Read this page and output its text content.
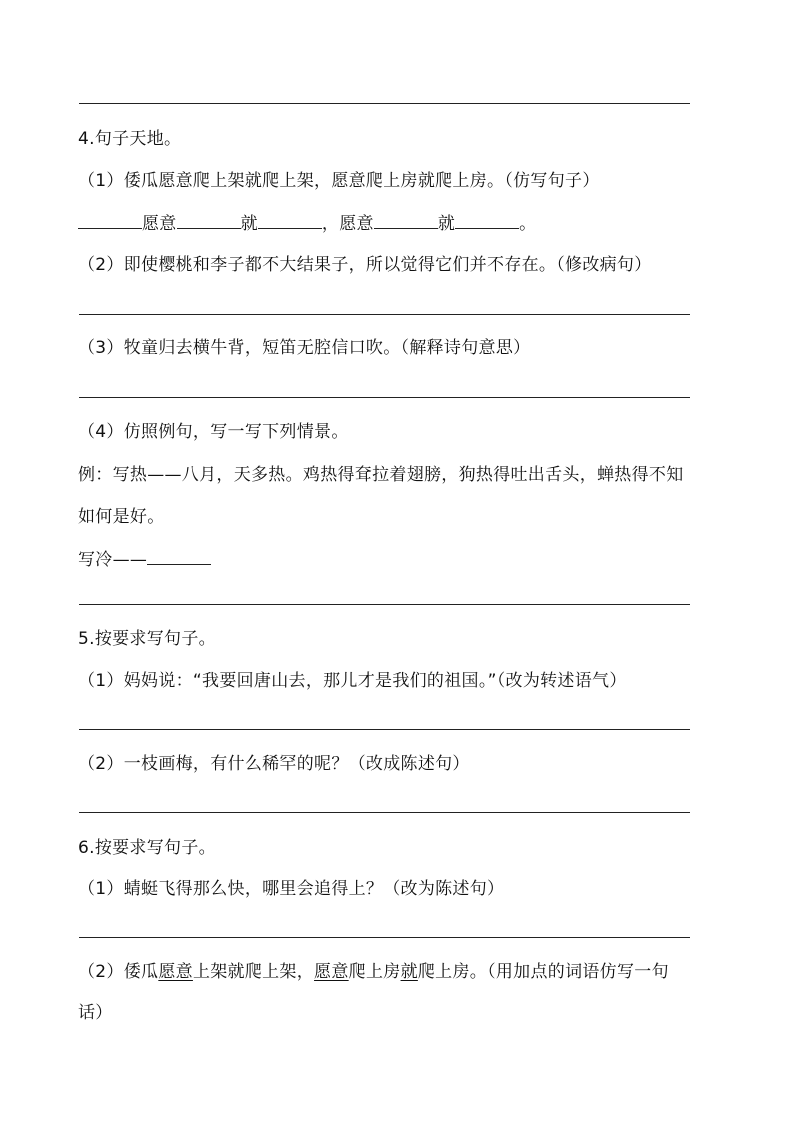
4.句子天地。
（1）倭瓜愿意爬上架就爬上架，愿意爬上房就爬上房。（仿写句子）
愿意	就	，愿意	就	。
（2）即使樱桃和李子都不大结果子，所以觉得它们并不存在。（修改病句）
（3）牧童归去横牛背，短笛无腔信口吹。（解释诗句意思）
（4）仿照例句，写一写下列情景。
例：写热——八月，天多热。鸡热得耷拉着翅膀，狗热得吐出舌头，蝉热得不知
如何是好。
写冷——
5.按要求写句子。
（1）妈妈说：“我要回唐山去，那儿才是我们的祖国。”（改为转述语气）
（2）一枝画梅，有什么稀罕的呢？（改成陈述句）
6.按要求写句子。
（1）蜻蜓飞得那么快，哪里会追得上？（改为陈述句）
（2）倭瓜愿意上架就爬上架，愿意爬上房就爬上房。（用加点的词语仿写一句
话）
